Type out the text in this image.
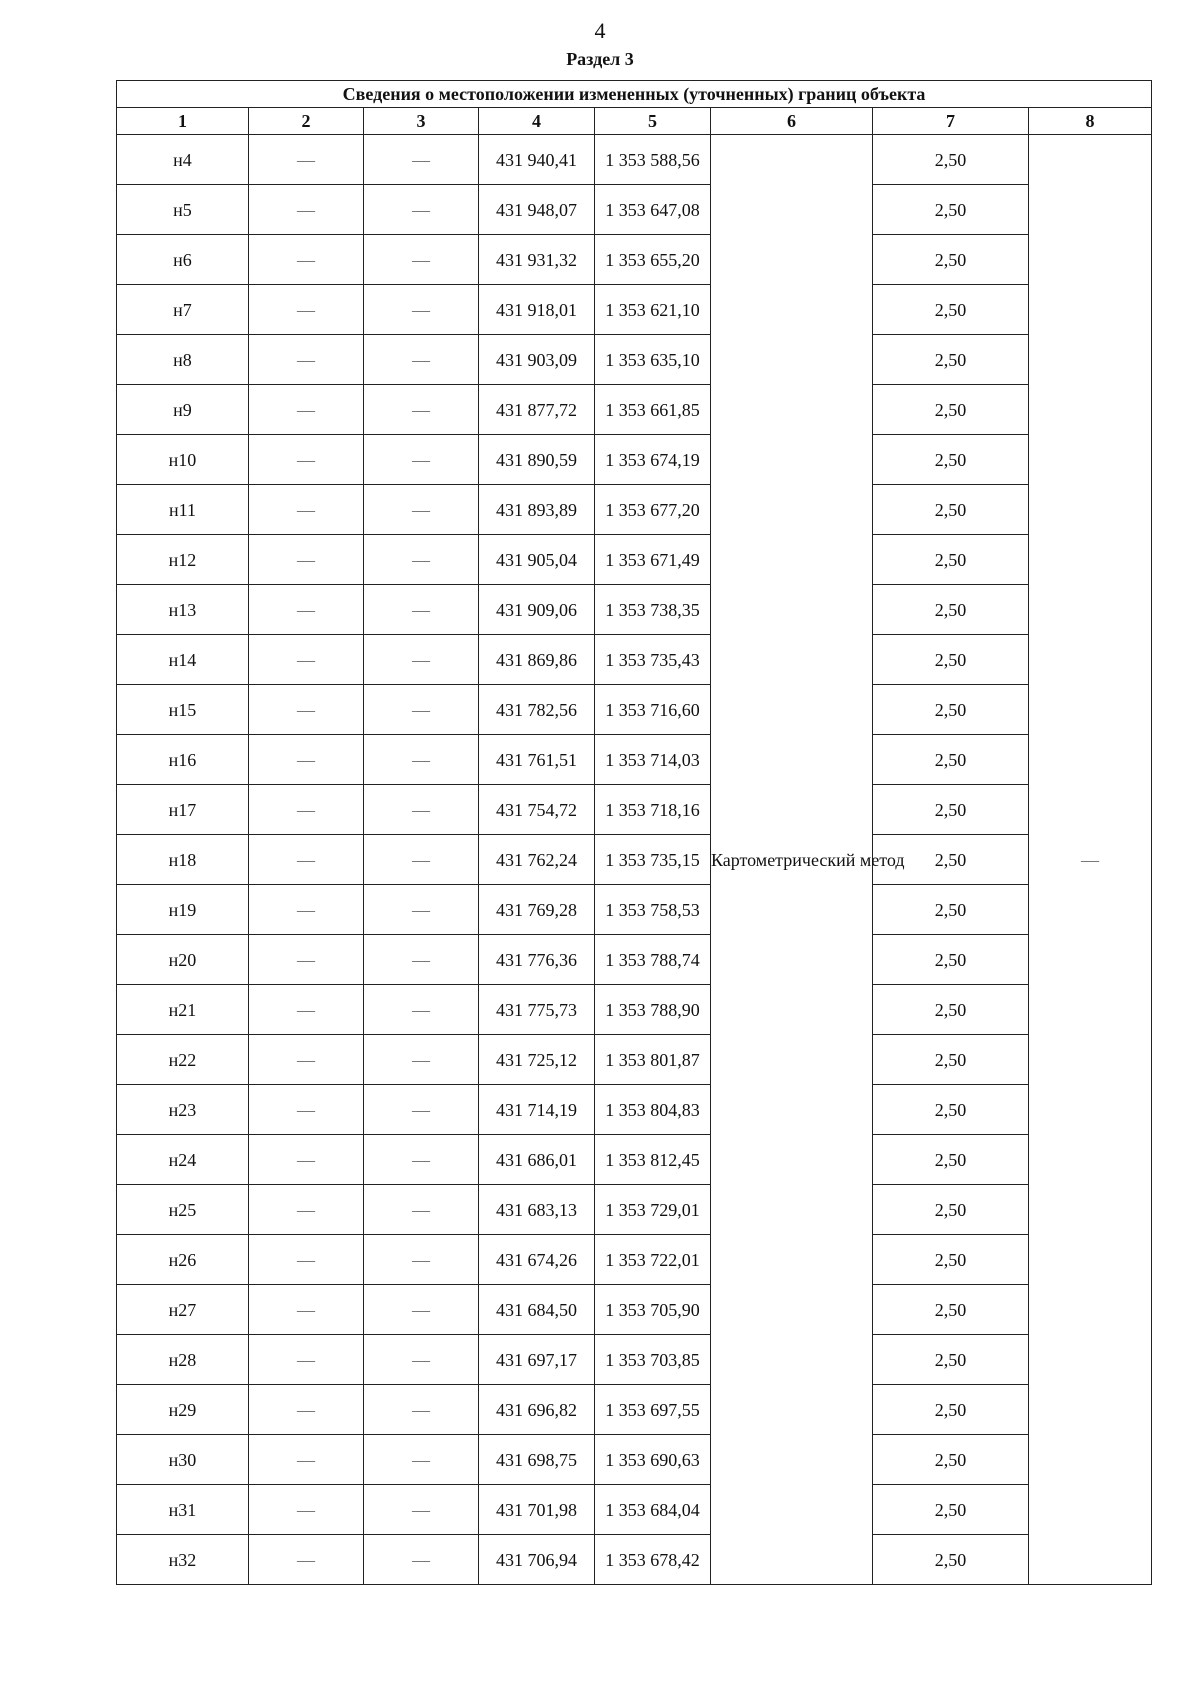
4
Раздел 3
Сведения о местоположении измененных (уточненных) границ объекта							
1	2	3	4	5	6	7	8
н4	—	—	431 940,41	1 353 588,56	Картометрический метод	2,50	—
н5	—	—	431 948,07	1 353 647,08		2,50	
н6	—	—	431 931,32	1 353 655,20		2,50	
н7	—	—	431 918,01	1 353 621,10		2,50	
н8	—	—	431 903,09	1 353 635,10		2,50	
н9	—	—	431 877,72	1 353 661,85		2,50	
н10	—	—	431 890,59	1 353 674,19		2,50	
н11	—	—	431 893,89	1 353 677,20		2,50	
н12	—	—	431 905,04	1 353 671,49		2,50	
н13	—	—	431 909,06	1 353 738,35		2,50	
н14	—	—	431 869,86	1 353 735,43		2,50	
н15	—	—	431 782,56	1 353 716,60		2,50	
н16	—	—	431 761,51	1 353 714,03		2,50	
н17	—	—	431 754,72	1 353 718,16		2,50	
н18	—	—	431 762,24	1 353 735,15		2,50	
н19	—	—	431 769,28	1 353 758,53		2,50	
н20	—	—	431 776,36	1 353 788,74		2,50	
н21	—	—	431 775,73	1 353 788,90		2,50	
н22	—	—	431 725,12	1 353 801,87		2,50	
н23	—	—	431 714,19	1 353 804,83		2,50	
н24	—	—	431 686,01	1 353 812,45		2,50	
н25	—	—	431 683,13	1 353 729,01		2,50	
н26	—	—	431 674,26	1 353 722,01		2,50	
н27	—	—	431 684,50	1 353 705,90		2,50	
н28	—	—	431 697,17	1 353 703,85		2,50	
н29	—	—	431 696,82	1 353 697,55		2,50	
н30	—	—	431 698,75	1 353 690,63		2,50	
н31	—	—	431 701,98	1 353 684,04		2,50	
н32	—	—	431 706,94	1 353 678,42		2,50	
